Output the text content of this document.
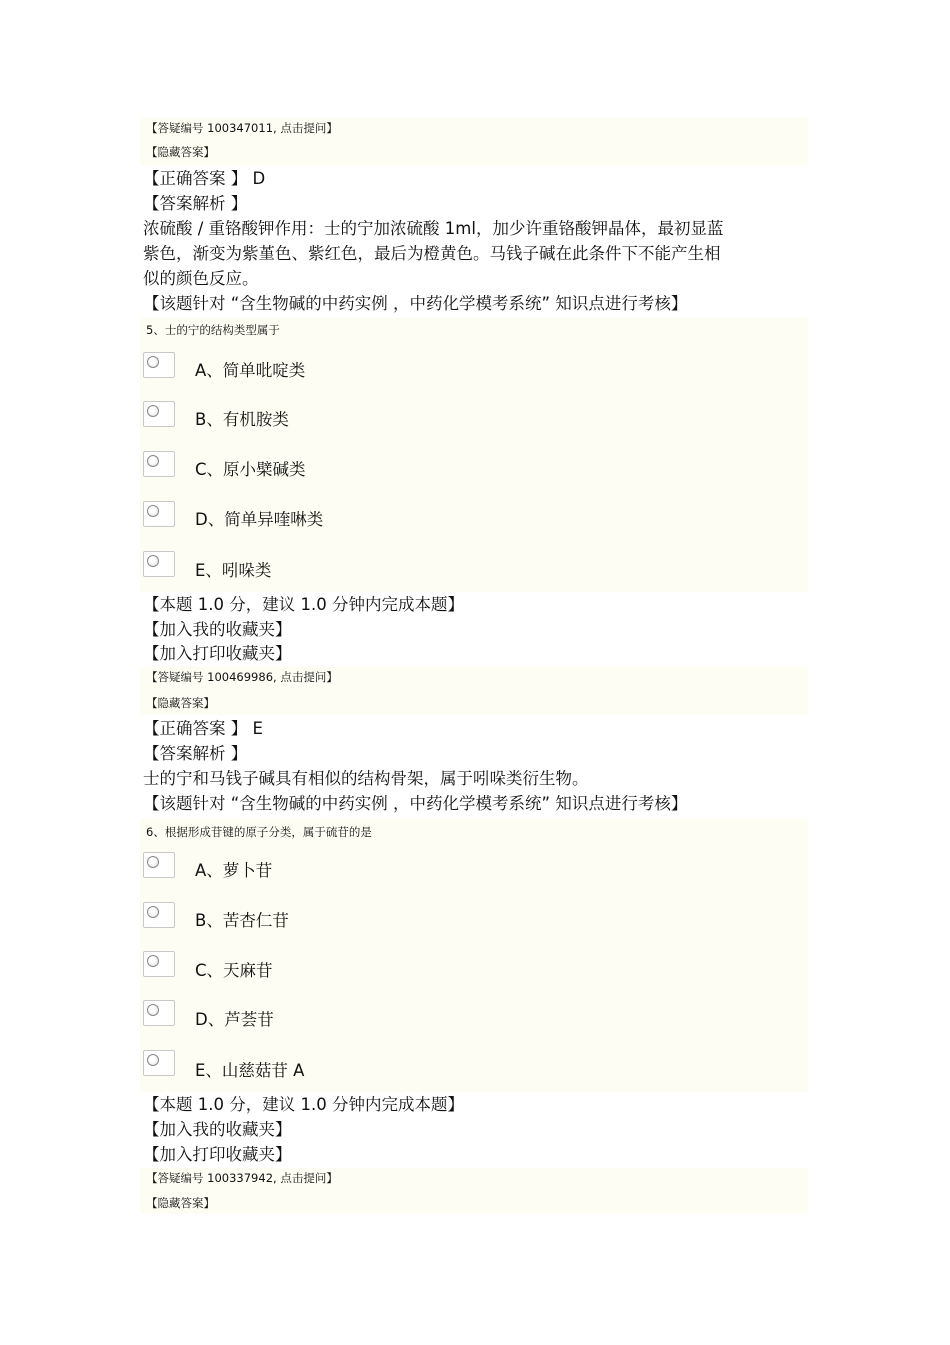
【答疑编号 100347011, 点击提问】
【隐藏答案】
【正确答案 】 D
【答案解析 】
浓硫酸 / 重铬酸钾作用：士的宁加浓硫酸 1ml，加少许重铬酸钾晶体，最初显蓝
紫色，渐变为紫堇色、紫红色，最后为橙黄色。马钱子碱在此条件下不能产生相
似的颜色反应。
【该题针对 “含生物碱的中药实例 ，中药化学模考系统” 知识点进行考核】
5、士的宁的结构类型属于
A、简单吡啶类
B、有机胺类
C、原小檗碱类
D、简单异喹啉类
E、吲哚类
【本题 1.0 分，建议 1.0 分钟内完成本题】
【加入我的收藏夹】
【加入打印收藏夹】
【答疑编号 100469986, 点击提问】
【隐藏答案】
【正确答案 】 E
【答案解析 】
士的宁和马钱子碱具有相似的结构骨架，属于吲哚类衍生物。
【该题针对 “含生物碱的中药实例 ，中药化学模考系统” 知识点进行考核】
6、根据形成苷键的原子分类，属于硫苷的是
A、萝卜苷
B、苦杏仁苷
C、天麻苷
D、芦荟苷
E、山慈菇苷 A
【本题 1.0 分，建议 1.0 分钟内完成本题】
【加入我的收藏夹】
【加入打印收藏夹】
【答疑编号 100337942, 点击提问】
【隐藏答案】
